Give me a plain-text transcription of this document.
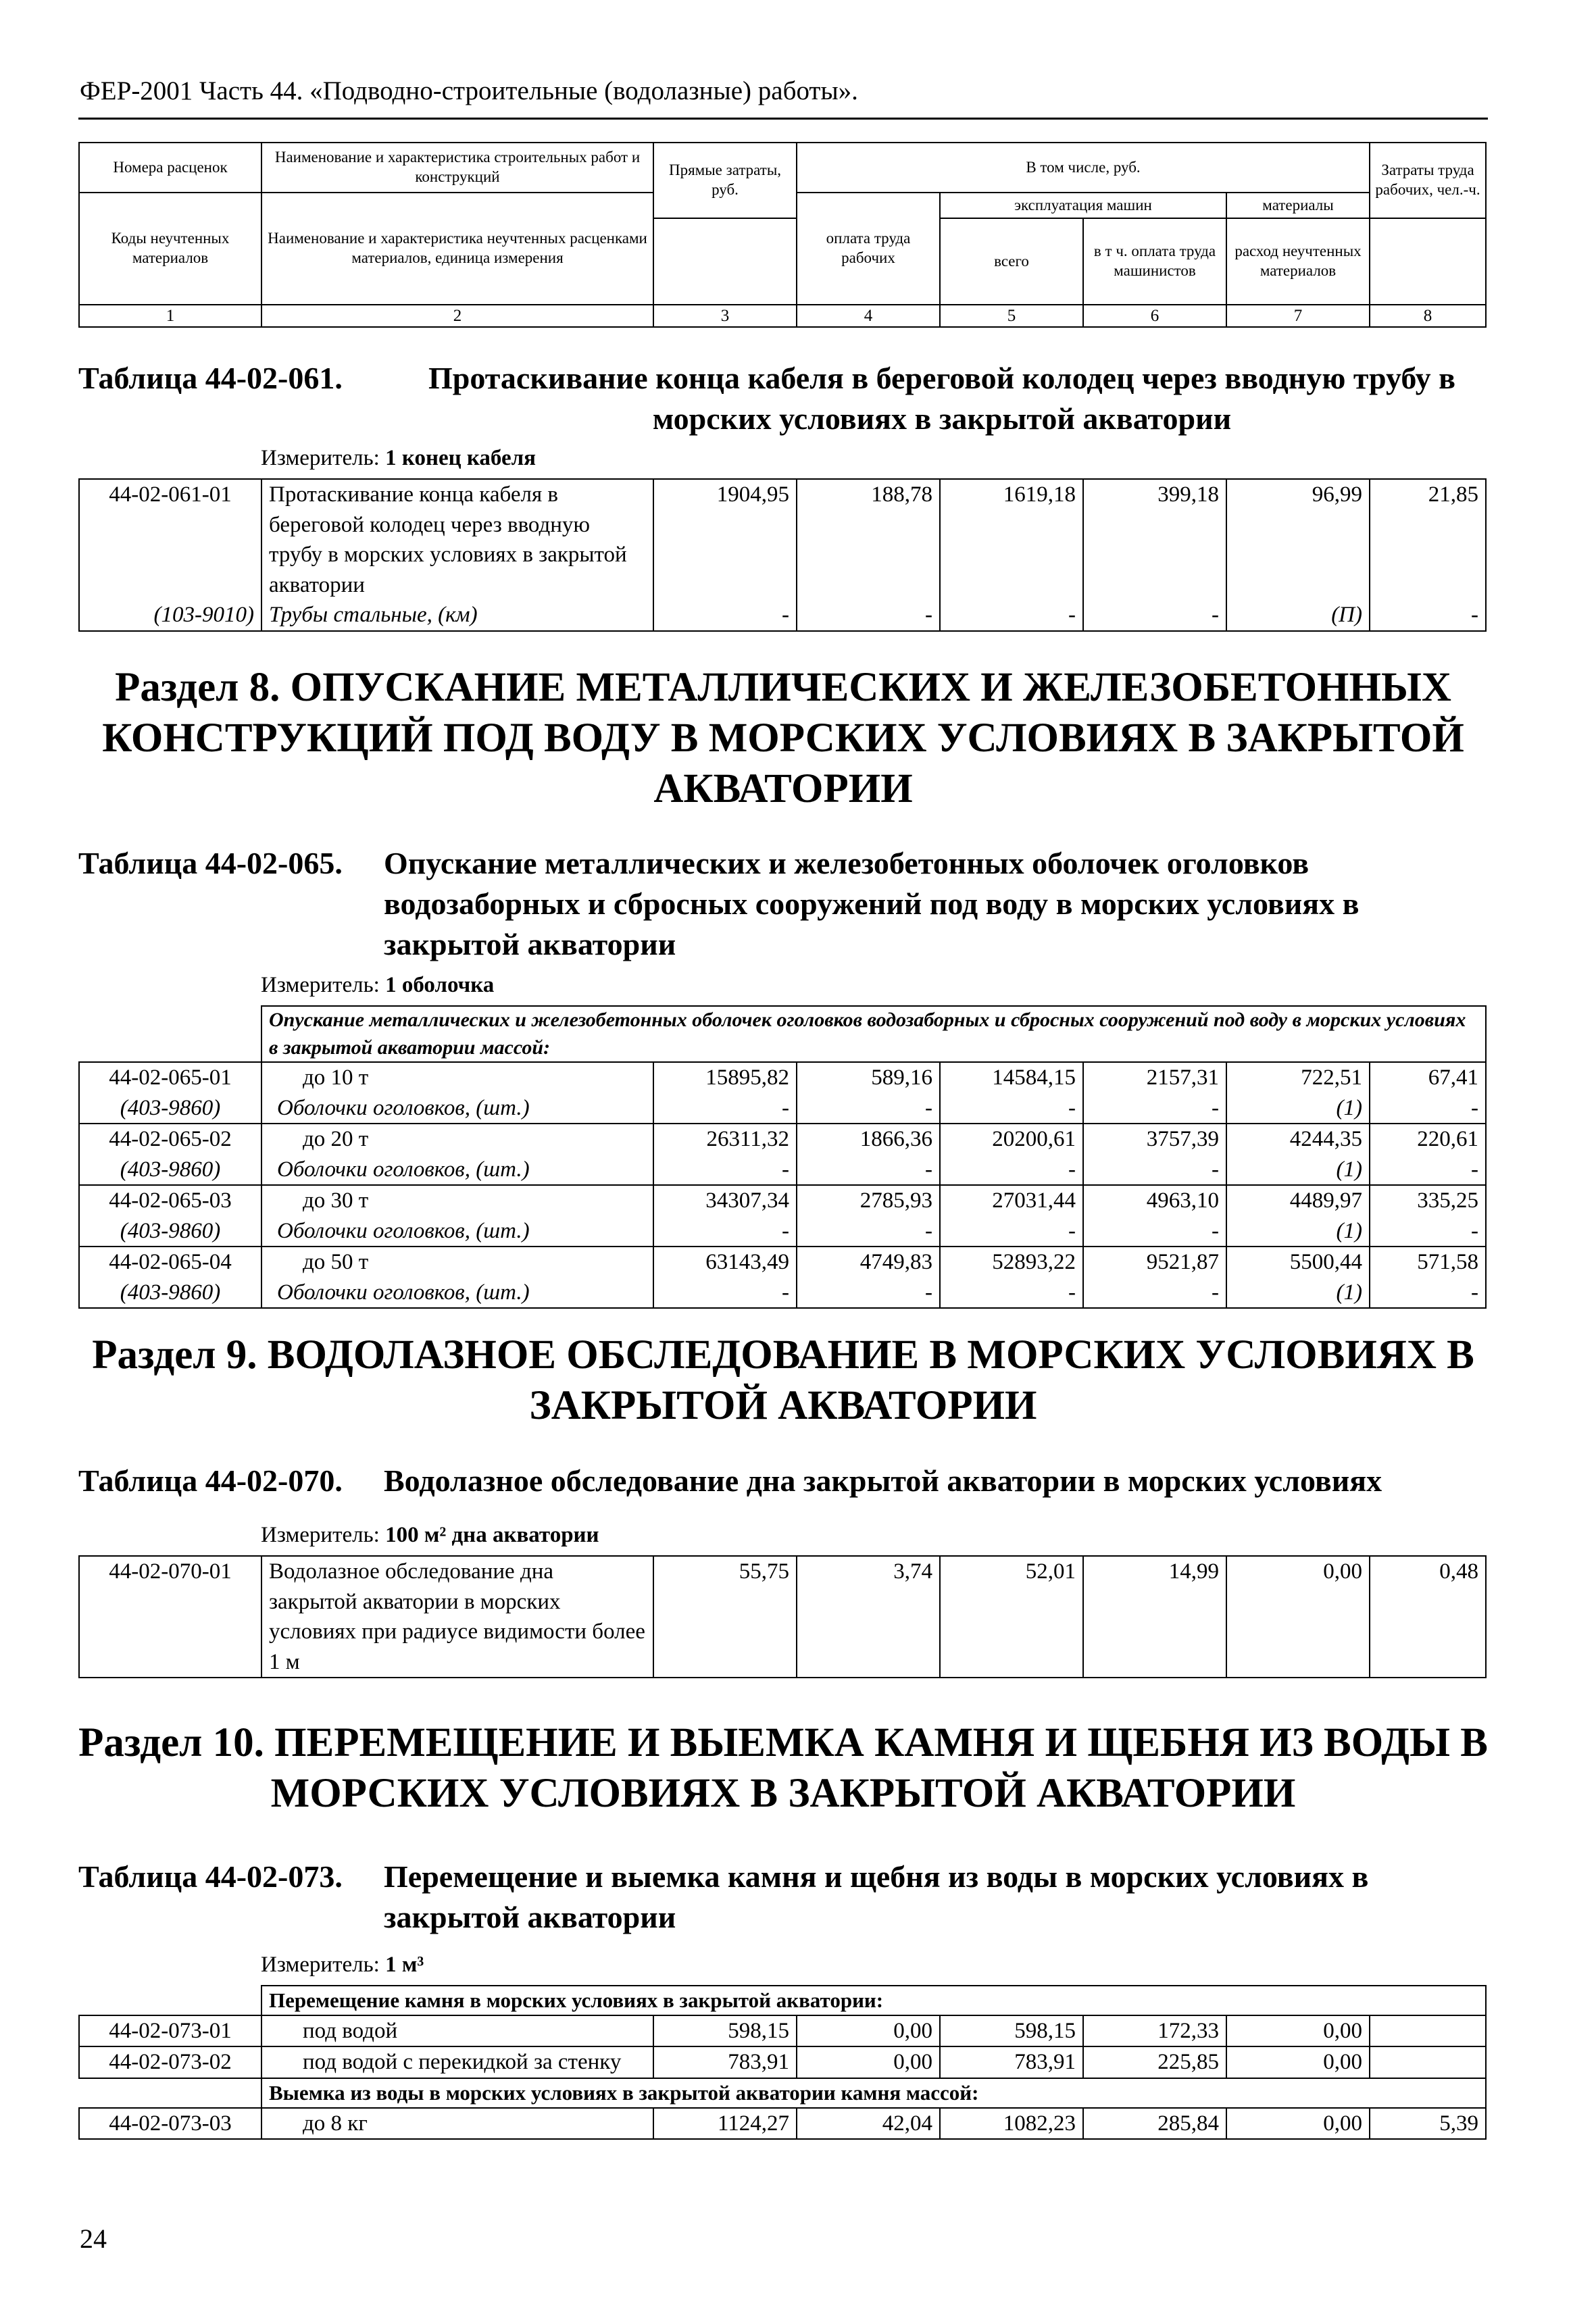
ФЕР-2001 Часть 44. «Подводно-строительные (водолазные) работы».
Номера расценок	Наименование и характеристика строительных работ и конструкций	Прямые затраты, руб.	В том числе, руб.				Затраты труда рабочих, чел.-ч.
Коды неучтенных материалов	Наименование и характеристика неучтенных расценками материалов, единица измерения		оплата труда рабочих	эксплуатация машин		материалы	
				всего	в т ч. оплата труда машинистов	расход неучтенных материалов	
1	2	3	4	5	6	7	8
Таблица 44-02-061.	Протаскивание конца кабеля в береговой колодец через вводную трубу в морских условиях в закрытой акватории
Измеритель: 1 конец кабеля
44-02-061-01	Протаскивание конца кабеля в береговой колодец через вводную трубу в морских условиях в закрытой акватории	1904,95	188,78	1619,18	399,18	96,99	21,85
(103-9010)	Трубы стальные, (км)	-	-	-	-	(П)	-
Раздел 8. ОПУСКАНИЕ МЕТАЛЛИЧЕСКИХ И ЖЕЛЕЗОБЕТОННЫХ КОНСТРУКЦИЙ ПОД ВОДУ В МОРСКИХ УСЛОВИЯХ В ЗАКРЫТОЙ АКВАТОРИИ
Таблица 44-02-065. Опускание металлических и железобетонных оболочек оголовков водозаборных и сбросных сооружений под воду в морских условиях в закрытой акватории
Измеритель: 1 оболочка
	Опускание металлических и железобетонных оболочек оголовков водозаборных и сбросных сооружений под воду в морских условиях в закрытой акватории массой:						
44-02-065-01	до 10 т	15895,82	589,16	14584,15	2157,31	722,51	67,41
(403-9860)	Оболочки оголовков, (шт.)	-	-	-	-	(1)	-
44-02-065-02	до 20 т	26311,32	1866,36	20200,61	3757,39	4244,35	220,61
(403-9860)	Оболочки оголовков, (шт.)	-	-	-	-	(1)	-
44-02-065-03	до 30 т	34307,34	2785,93	27031,44	4963,10	4489,97	335,25
(403-9860)	Оболочки оголовков, (шт.)	-	-	-	-	(1)	-
44-02-065-04	до 50 т	63143,49	4749,83	52893,22	9521,87	5500,44	571,58
(403-9860)	Оболочки оголовков, (шт.)	-	-	-	-	(1)	-
Раздел 9. ВОДОЛАЗНОЕ ОБСЛЕДОВАНИЕ В МОРСКИХ УСЛОВИЯХ В ЗАКРЫТОЙ АКВАТОРИИ
Таблица 44-02-070. Водолазное обследование дна закрытой акватории в морских условиях
Измеритель: 100 м² дна акватории
44-02-070-01	Водолазное обследование дна закрытой акватории в морских условиях при радиусе видимости более 1 м	55,75	3,74	52,01	14,99	0,00	0,48
Раздел 10. ПЕРЕМЕЩЕНИЕ И ВЫЕМКА КАМНЯ И ЩЕБНЯ ИЗ ВОДЫ В МОРСКИХ УСЛОВИЯХ В ЗАКРЫТОЙ АКВАТОРИИ
Таблица 44-02-073. Перемещение и выемка камня и щебня из воды в морских условиях в закрытой акватории
Измеритель: 1 м³
	Перемещение камня в морских условиях в закрытой акватории:						
44-02-073-01	под водой	598,15	0,00	598,15	172,33	0,00	
44-02-073-02	под водой с перекидкой за стенку	783,91	0,00	783,91	225,85	0,00	
	Выемка из воды в морских условиях в закрытой акватории камня массой:						
44-02-073-03	до 8 кг	1124,27	42,04	1082,23	285,84	0,00	5,39
24
